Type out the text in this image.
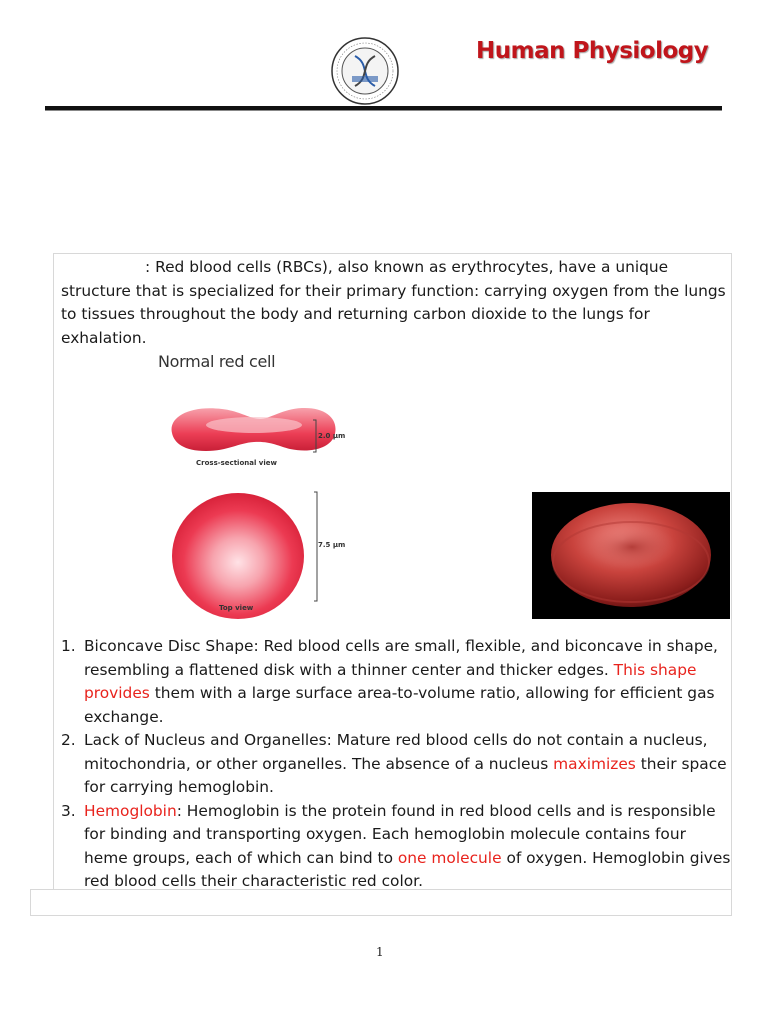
Human Physiology

: Red blood cells (RBCs), also known as erythrocytes, have a unique structure that is specialized for their primary function: carrying oxygen from the lungs to tissues throughout the body and returning carbon dioxide to the lungs for exhalation.

Normal red cell
2.0 µm
Cross-sectional view
7.5 µm
Top view
1. Biconcave Disc Shape: Red blood cells are small, flexible, and biconcave in shape, resembling a flattened disk with a thinner center and thicker edges. This shape provides them with a large surface area-to-volume ratio, allowing for efficient gas exchange.
2. Lack of Nucleus and Organelles: Mature red blood cells do not contain a nucleus, mitochondria, or other organelles. The absence of a nucleus maximizes their space for carrying hemoglobin.
3. Hemoglobin: Hemoglobin is the protein found in red blood cells and is responsible for binding and transporting oxygen. Each hemoglobin molecule contains four heme groups, each of which can bind to one molecule of oxygen. Hemoglobin gives red blood cells their characteristic red color.
1
